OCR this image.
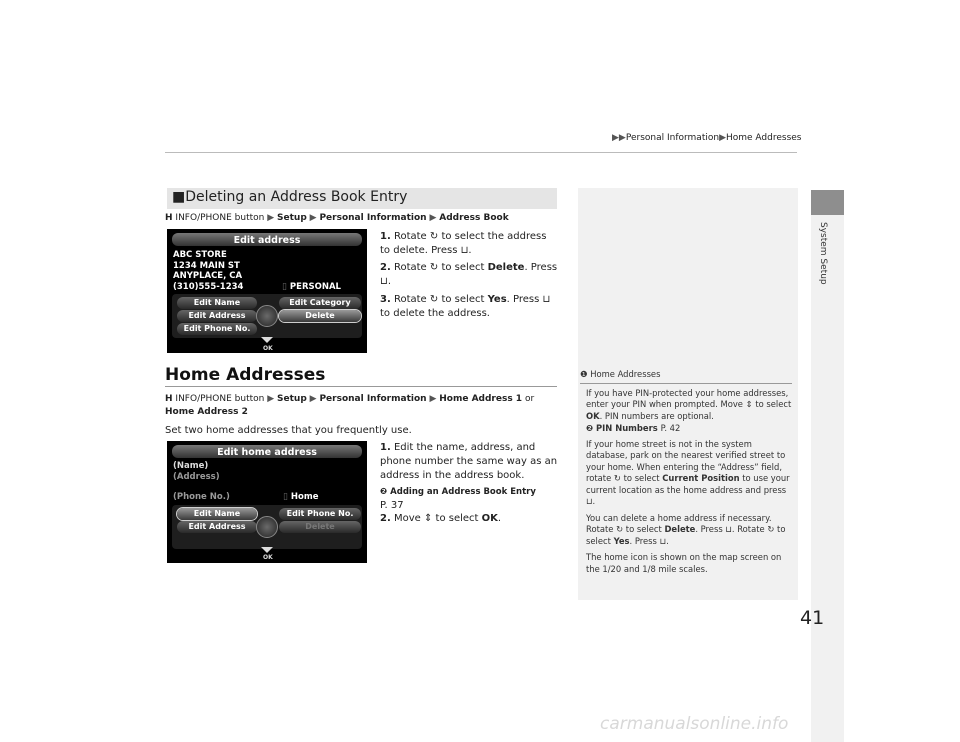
▶▶Personal Information▶Home Addresses
System Setup
■Deleting an Address Book Entry
H INFO/PHONE button ▶ Setup ▶ Personal Information ▶ Address Book
Edit address
ABC STORE
1234 MAIN ST
ANYPLACE, CA
(310)555-1234	▯ PERSONAL
Edit Name	Edit Category
Edit Address	Delete
Edit Phone No.
OK
1. Rotate ↻ to select the address to delete. Press ⊔.
2. Rotate ↻ to select Delete. Press ⊔.
3. Rotate ↻ to select Yes. Press ⊔ to delete the address.
Home Addresses
H INFO/PHONE button ▶ Setup ▶ Personal Information ▶ Home Address 1 or
Home Address 2
Set two home addresses that you frequently use.
Edit home address
(Name)
(Address)
(Phone No.)	▯ Home
Edit Name	Edit Phone No.
Edit Address	Delete
OK
1. Edit the name, address, and phone number the same way as an address in the address book.
❷ Adding an Address Book Entry
P. 37
2. Move ⇕ to select OK.
❶ Home Addresses
If you have PIN-protected your home addresses, enter your PIN when prompted. Move ⇕ to select OK. PIN numbers are optional.
❷ PIN Numbers P. 42
If your home street is not in the system database, park on the nearest verified street to your home. When entering the “Address” field, rotate ↻ to select Current Position to use your current location as the home address and press ⊔.
You can delete a home address if necessary. Rotate ↻ to select Delete. Press ⊔. Rotate ↻ to select Yes. Press ⊔.
The home icon is shown on the map screen on the 1/20 and 1/8 mile scales.
41
carmanualsonline.info
